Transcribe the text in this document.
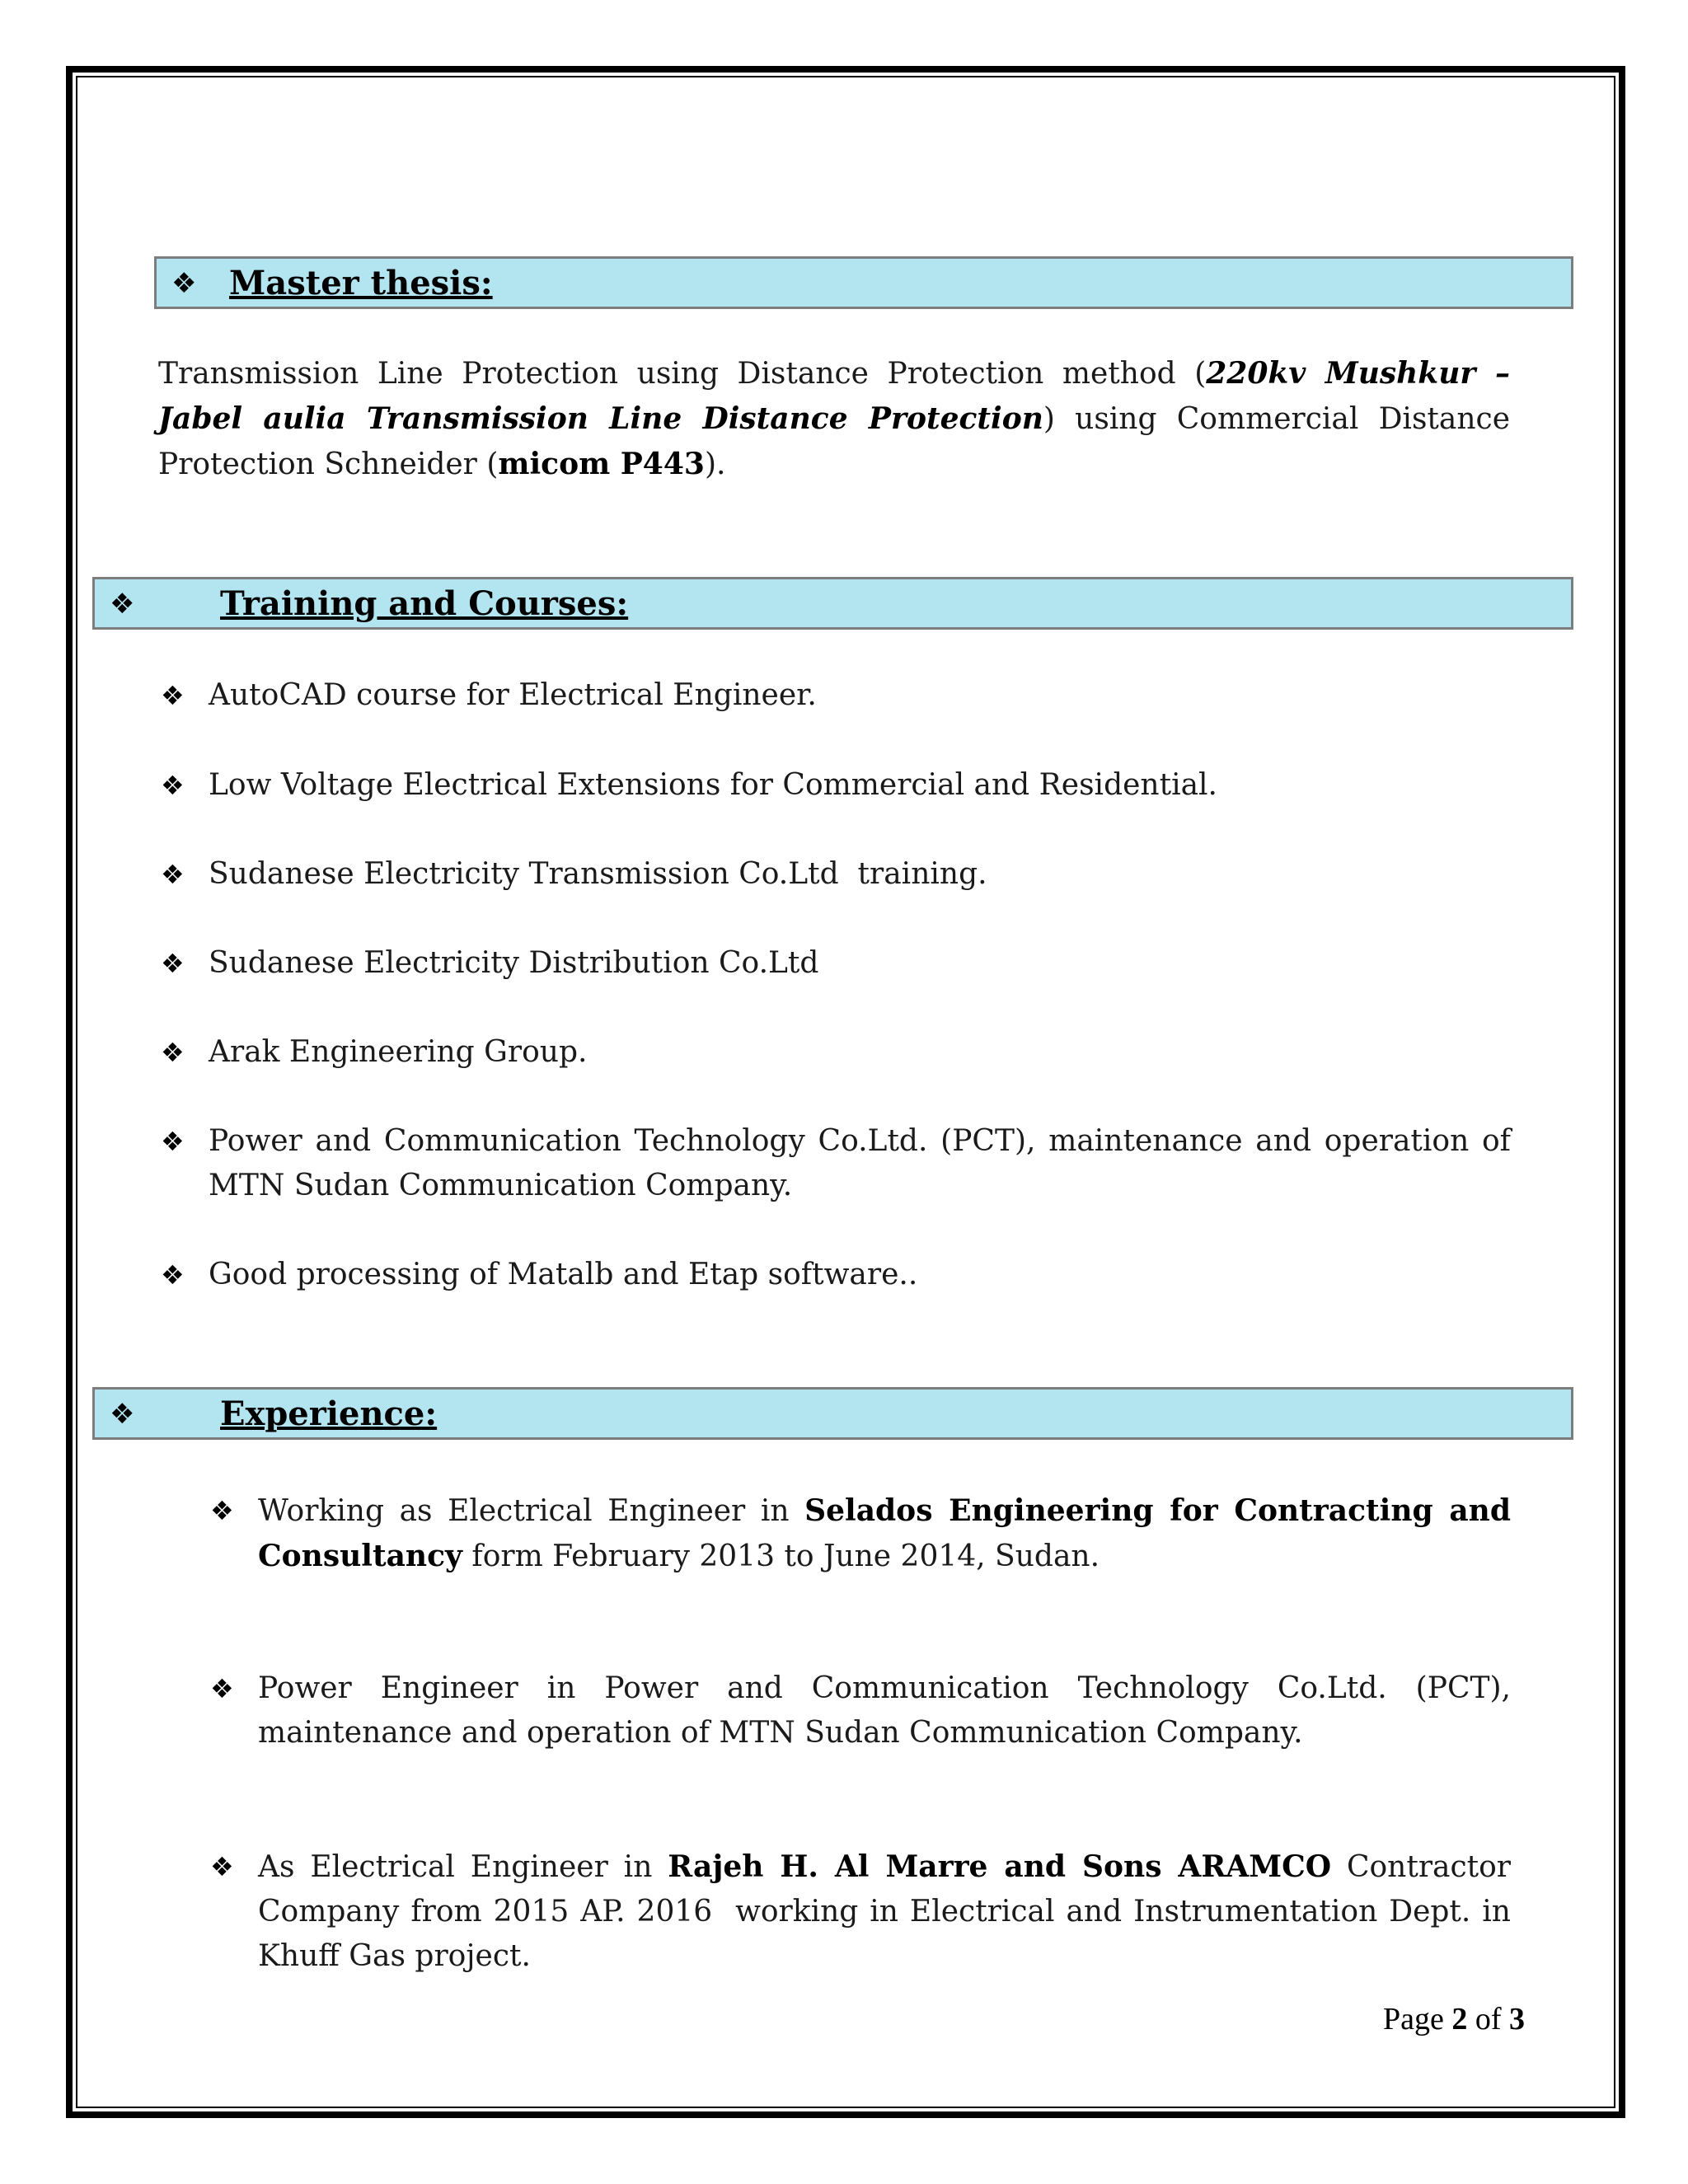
❖ Master thesis:
Transmission Line Protection using Distance Protection method (220kv Mushkur – Jabel aulia Transmission Line Distance Protection) using Commercial Distance Protection Schneider (micom P443).
❖	Training and Courses:
❖ AutoCAD course for Electrical Engineer.
❖ Low Voltage Electrical Extensions for Commercial and Residential.
❖ Sudanese Electricity Transmission Co.Ltd  training.
❖ Sudanese Electricity Distribution Co.Ltd
❖ Arak Engineering Group.
❖ Power and Communication Technology Co.Ltd. (PCT), maintenance and operation of MTN Sudan Communication Company.
❖ Good processing of Matalb and Etap software..
❖	Experience:
❖ Working as Electrical Engineer in Selados Engineering for Contracting and Consultancy form February 2013 to June 2014, Sudan.
❖ Power Engineer in Power and Communication Technology Co.Ltd. (PCT), maintenance and operation of MTN Sudan Communication Company.
❖ As Electrical Engineer in Rajeh H. Al Marre and Sons ARAMCO Contractor Company from 2015 AP. 2016  working in Electrical and Instrumentation Dept. in Khuff Gas project.
Page 2 of 3
